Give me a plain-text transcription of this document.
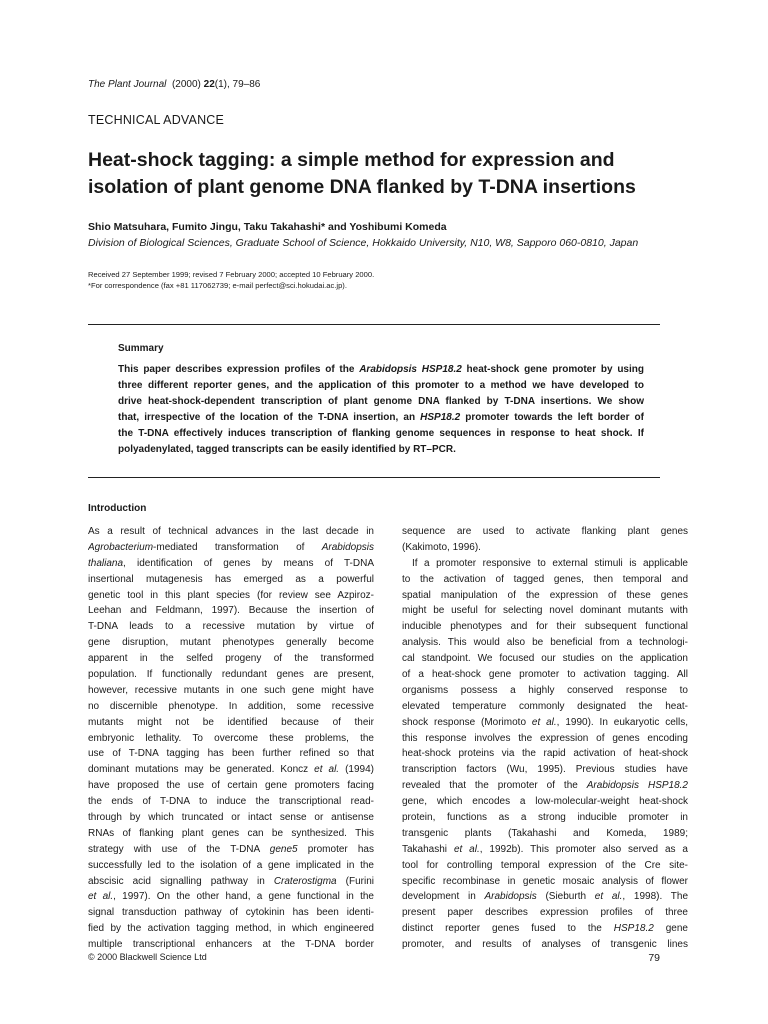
The Plant Journal (2000) 22(1), 79–86
TECHNICAL ADVANCE
Heat-shock tagging: a simple method for expression and
isolation of plant genome DNA flanked by T-DNA insertions
Shio Matsuhara, Fumito Jingu, Taku Takahashi* and Yoshibumi Komeda
Division of Biological Sciences, Graduate School of Science, Hokkaido University, N10, W8, Sapporo 060-0810, Japan
Received 27 September 1999; revised 7 February 2000; accepted 10 February 2000.
*For correspondence (fax +81 117062739; e-mail perfect@sci.hokudai.ac.jp).
Summary
This paper describes expression profiles of the Arabidopsis HSP18.2 heat-shock gene promoter by using
three different reporter genes, and the application of this promoter to a method we have developed to
drive heat-shock-dependent transcription of plant genome DNA flanked by T-DNA insertions. We show
that, irrespective of the location of the T-DNA insertion, an HSP18.2 promoter towards the left border of
the T-DNA effectively induces transcription of flanking genome sequences in response to heat shock. If
polyadenylated, tagged transcripts can be easily identified by RT–PCR.
Introduction
As a result of technical advances in the last decade in
Agrobacterium-mediated transformation of Arabidopsis
thaliana, identification of genes by means of T-DNA
insertional mutagenesis has emerged as a powerful
genetic tool in this plant species (for review see Azpiroz-
Leehan and Feldmann, 1997). Because the insertion of
T-DNA leads to a recessive mutation by virtue of
gene disruption, mutant phenotypes generally become
apparent in the selfed progeny of the transformed
population. If functionally redundant genes are present,
however, recessive mutants in one such gene might have
no discernible phenotype. In addition, some recessive
mutants might not be identified because of their
embryonic lethality. To overcome these problems, the
use of T-DNA tagging has been further refined so that
dominant mutations may be generated. Koncz et al. (1994)
have proposed the use of certain gene promoters facing
the ends of T-DNA to induce the transcriptional read-
through by which truncated or intact sense or antisense
RNAs of flanking plant genes can be synthesized. This
strategy with use of the T-DNA gene5 promoter has
successfully led to the isolation of a gene implicated in the
abscisic acid signalling pathway in Craterostigma (Furini
et al., 1997). On the other hand, a gene functional in the
signal transduction pathway of cytokinin has been identi-
fied by the activation tagging method, in which engineered
multiple transcriptional enhancers at the T-DNA border
sequence are used to activate flanking plant genes
(Kakimoto, 1996).
If a promoter responsive to external stimuli is applicable
to the activation of tagged genes, then temporal and
spatial manipulation of the expression of these genes
might be useful for selecting novel dominant mutants with
inducible phenotypes and for their subsequent functional
analysis. This would also be beneficial from a technologi-
cal standpoint. We focused our studies on the application
of a heat-shock gene promoter to activation tagging. All
organisms possess a highly conserved response to
elevated temperature commonly designated the heat-
shock response (Morimoto et al., 1990). In eukaryotic cells,
this response involves the expression of genes encoding
heat-shock proteins via the rapid activation of heat-shock
transcription factors (Wu, 1995). Previous studies have
revealed that the promoter of the Arabidopsis HSP18.2
gene, which encodes a low-molecular-weight heat-shock
protein, functions as a strong inducible promoter in
transgenic plants (Takahashi and Komeda, 1989;
Takahashi et al., 1992b). This promoter also served as a
tool for controlling temporal expression of the Cre site-
specific recombinase in genetic mosaic analysis of flower
development in Arabidopsis (Sieburth et al., 1998). The
present paper describes expression profiles of three
distinct reporter genes fused to the HSP18.2 gene
promoter, and results of analyses of transgenic lines
© 2000 Blackwell Science Ltd	79
